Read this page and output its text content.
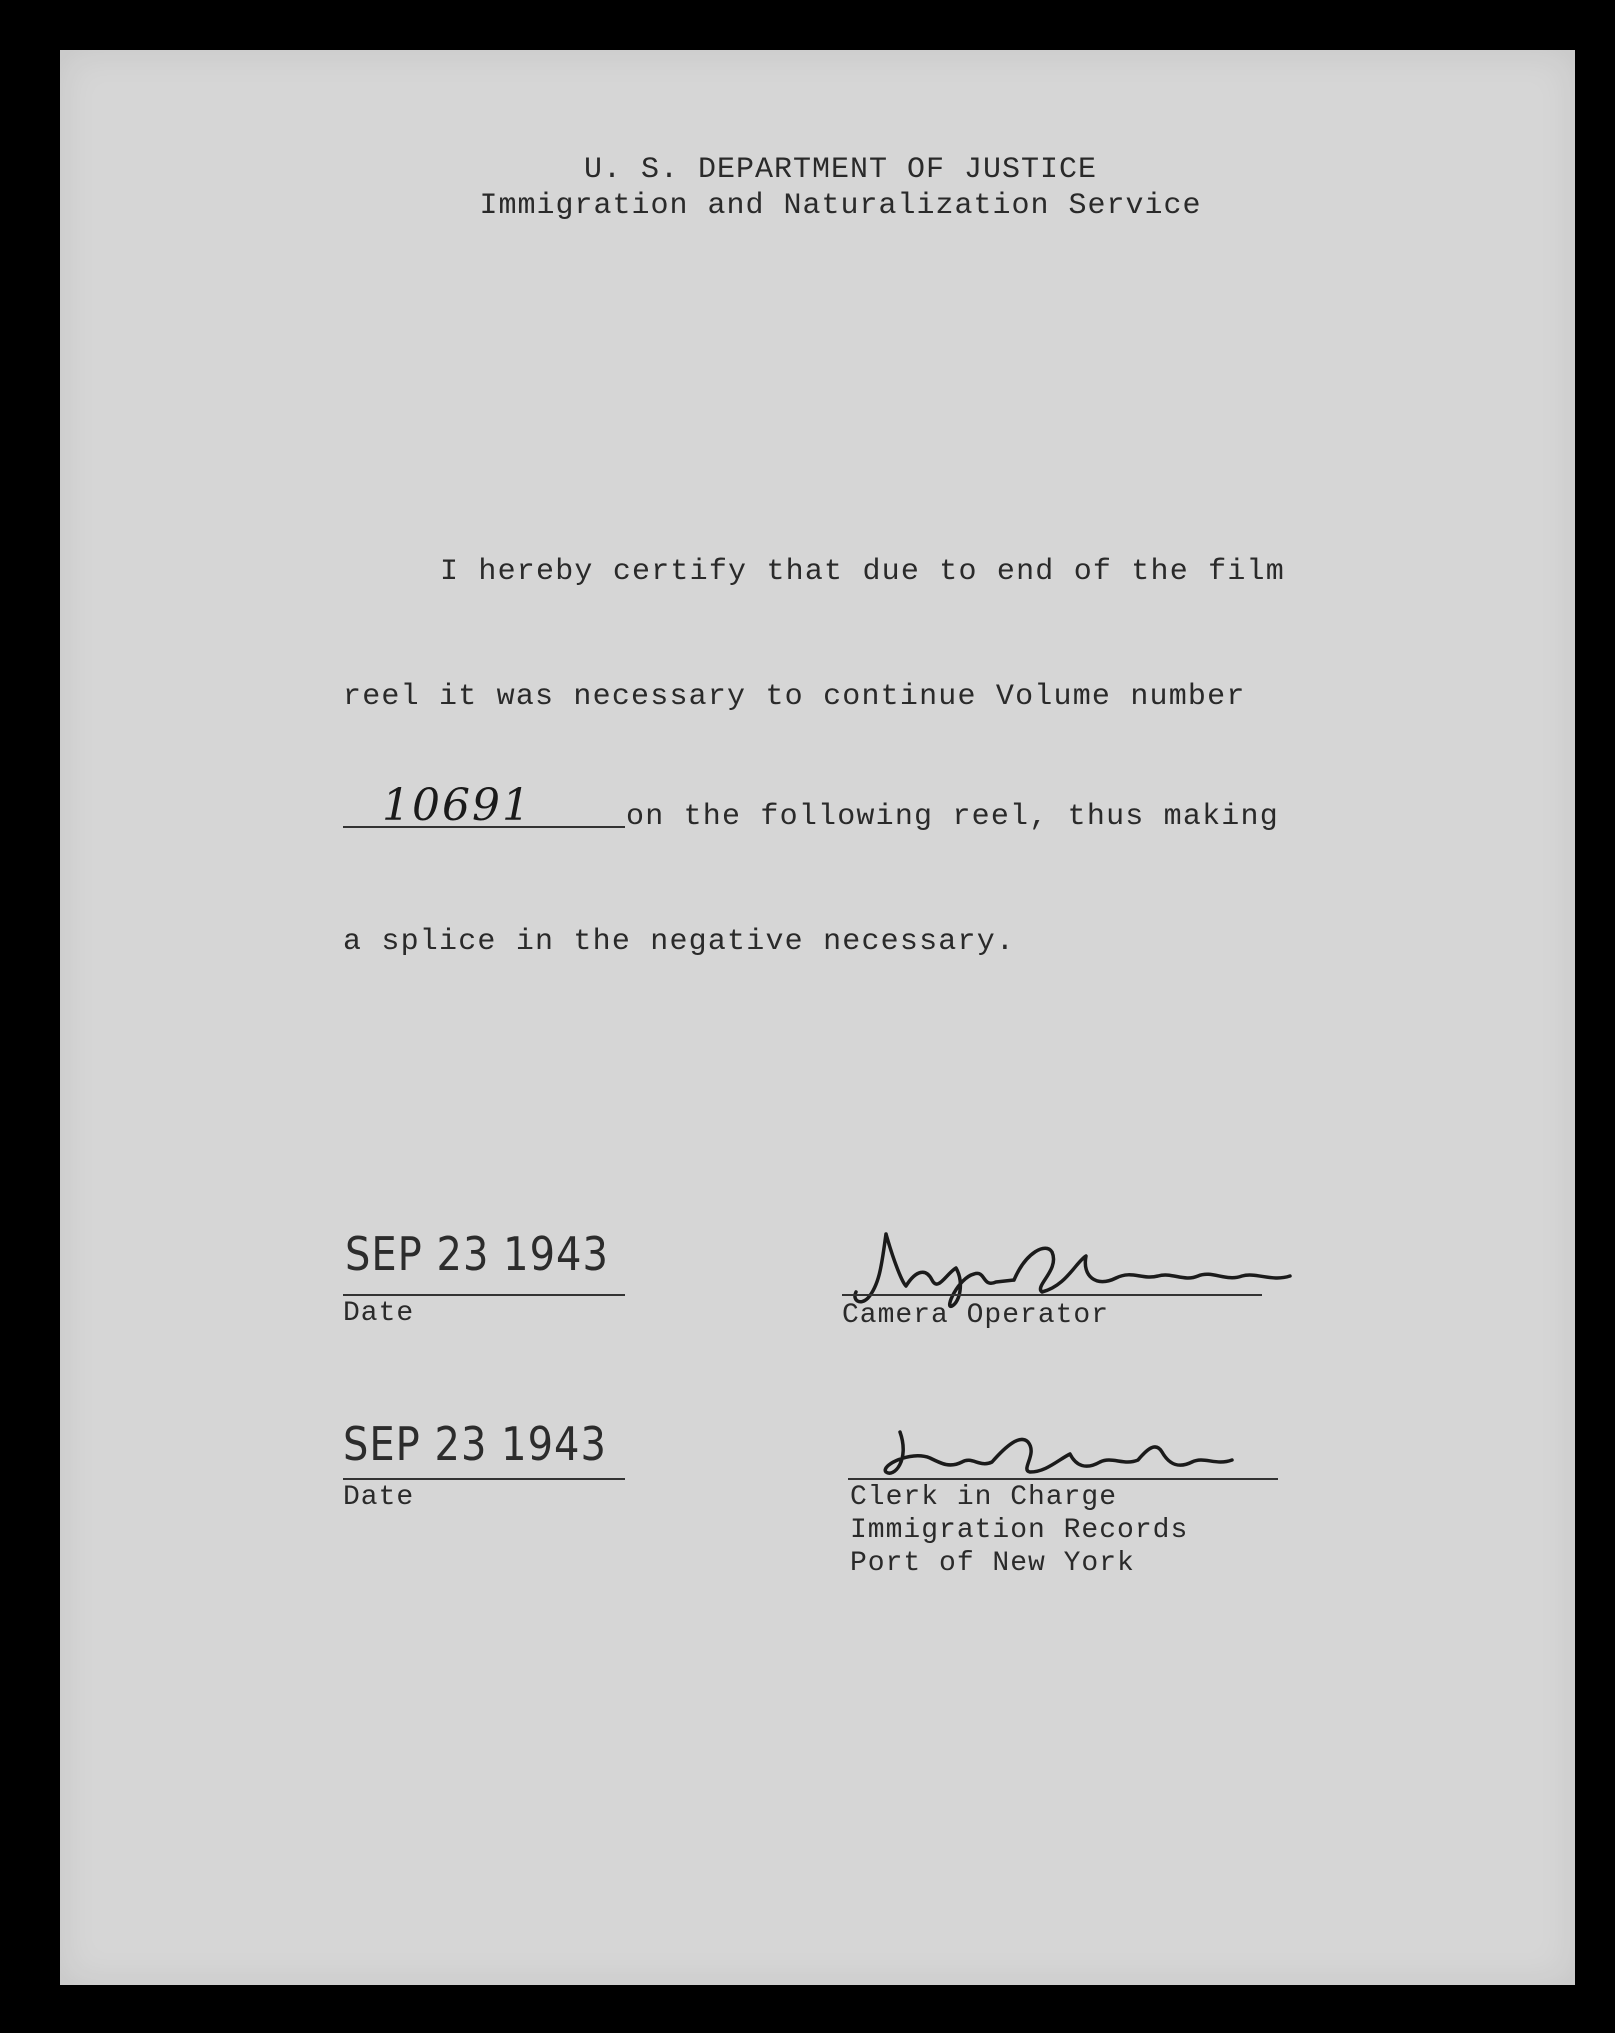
U. S. DEPARTMENT OF JUSTICE
Immigration and Naturalization Service
I hereby certify that due to end of the film
reel it was necessary to continue Volume number
10691	on the following reel, thus making
a splice in the negative necessary.
SEP 23 1943
Date	Camera Operator
SEP 23 1943
Date	Clerk in Charge
Immigration Records
Port of New York
